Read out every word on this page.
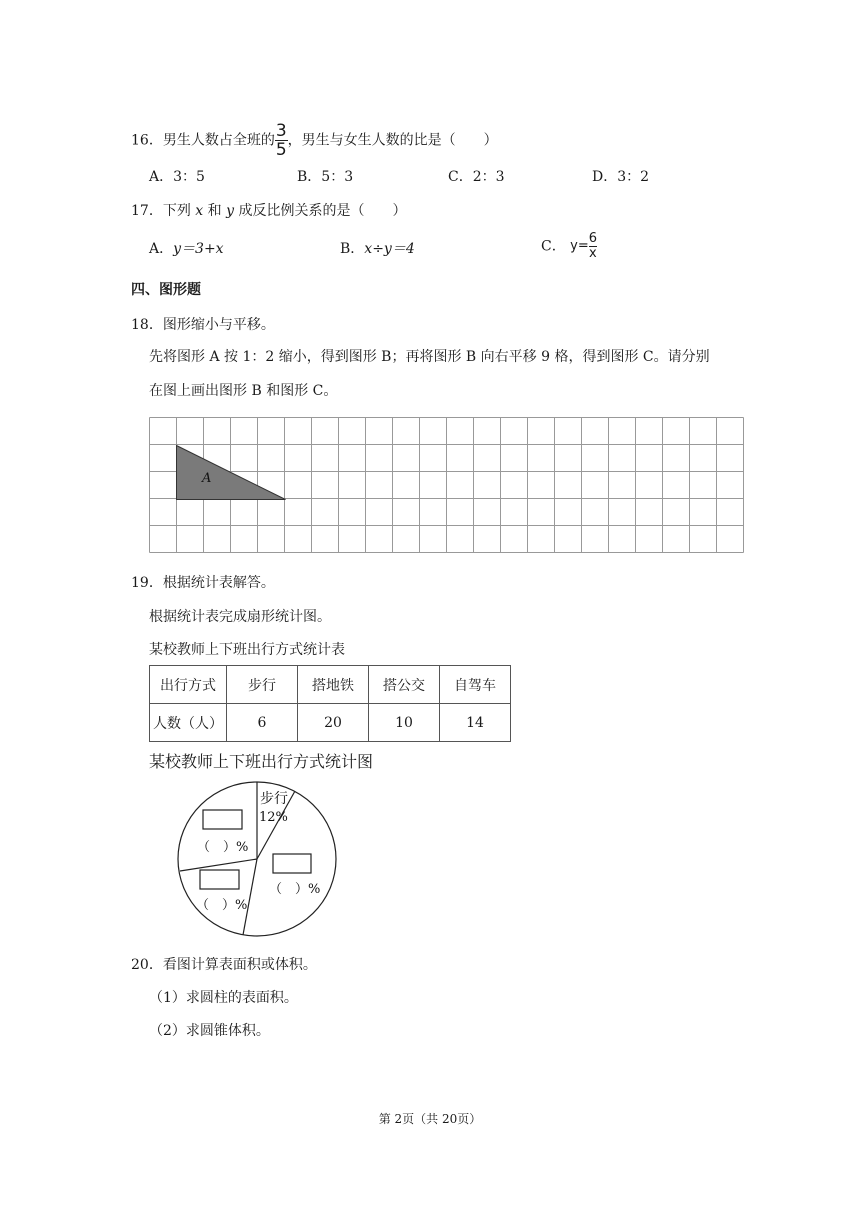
16．男生人数占全班的 $\frac{3}{5}$ ，男生与女生人数的比是（　　）
A．3：5	B．5：3	C．2：3	D．3：2
17．下列 x 和 y 成反比例关系的是（　　）
A．y＝3+x	B．x÷y＝4	C． $y= \frac{6}{x}$
四、图形题
18．图形缩小与平移。
先将图形 A 按 1：2 缩小，得到图形 B；再将图形 B 向右平移 9 格，得到图形 C。请分别
在图上画出图形 B 和图形 C。
A
19．根据统计表解答。
根据统计表完成扇形统计图。
某校教师上下班出行方式统计表
出行方式	步行	搭地铁	搭公交	自驾车
人数（人）	6	20	10	14
某校教师上下班出行方式统计图
步行
12%
（　）%
（　）%
（　）%
20．看图计算表面积或体积。
（1）求圆柱的表面积。
（2）求圆锥体积。
第 2页（共 20页）
